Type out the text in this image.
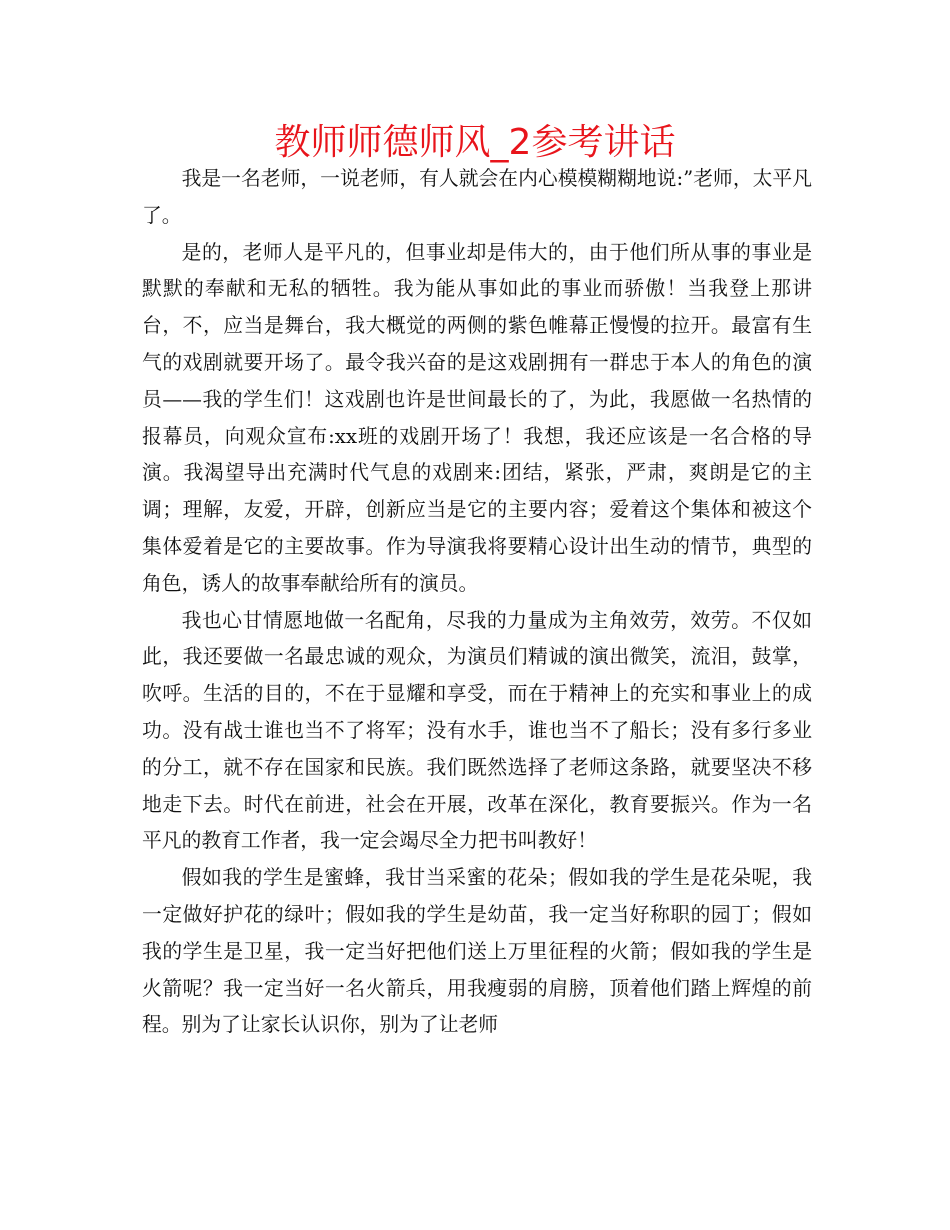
教师师德师风_2参考讲话

我是一名老师，一说老师，有人就会在内心模模糊糊地说:”老师，太平凡了。

是的，老师人是平凡的，但事业却是伟大的，由于他们所从事的事业是默默的奉献和无私的牺牲。我为能从事如此的事业而骄傲！当我登上那讲台，不，应当是舞台，我大概觉的两侧的紫色帷幕正慢慢的拉开。最富有生气的戏剧就要开场了。最令我兴奋的是这戏剧拥有一群忠于本人的角色的演员——我的学生们！这戏剧也许是世间最长的了，为此，我愿做一名热情的报幕员，向观众宣布:xx班的戏剧开场了！我想，我还应该是一名合格的导演。我渴望导出充满时代气息的戏剧来:团结，紧张，严肃，爽朗是它的主调；理解，友爱，开辟，创新应当是它的主要内容；爱着这个集体和被这个集体爱着是它的主要故事。作为导演我将要精心设计出生动的情节，典型的角色，诱人的故事奉献给所有的演员。

我也心甘情愿地做一名配角，尽我的力量成为主角效劳，效劳。不仅如此，我还要做一名最忠诚的观众，为演员们精诚的演出微笑，流泪，鼓掌，吹呼。生活的目的，不在于显耀和享受，而在于精神上的充实和事业上的成功。没有战士谁也当不了将军；没有水手，谁也当不了船长；没有多行多业的分工，就不存在国家和民族。我们既然选择了老师这条路，就要坚决不移地走下去。时代在前进，社会在开展，改革在深化，教育要振兴。作为一名平凡的教育工作者，我一定会竭尽全力把书叫教好！

假如我的学生是蜜蜂，我甘当采蜜的花朵；假如我的学生是花朵呢，我一定做好护花的绿叶；假如我的学生是幼苗，我一定当好称职的园丁；假如我的学生是卫星，我一定当好把他们送上万里征程的火箭；假如我的学生是火箭呢？我一定当好一名火箭兵，用我瘦弱的肩膀，顶着他们踏上辉煌的前程。别为了让家长认识你，别为了让老师
